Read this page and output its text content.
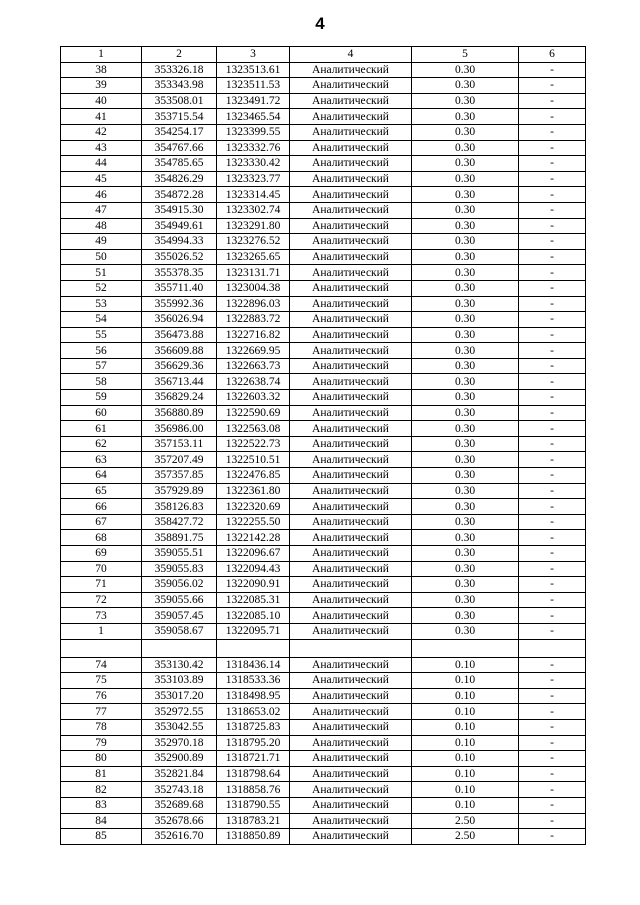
4
1	2	3	4	5	6
38	353326.18	1323513.61	Аналитический	0.30	-
39	353343.98	1323511.53	Аналитический	0.30	-
40	353508.01	1323491.72	Аналитический	0.30	-
41	353715.54	1323465.54	Аналитический	0.30	-
42	354254.17	1323399.55	Аналитический	0.30	-
43	354767.66	1323332.76	Аналитический	0.30	-
44	354785.65	1323330.42	Аналитический	0.30	-
45	354826.29	1323323.77	Аналитический	0.30	-
46	354872.28	1323314.45	Аналитический	0.30	-
47	354915.30	1323302.74	Аналитический	0.30	-
48	354949.61	1323291.80	Аналитический	0.30	-
49	354994.33	1323276.52	Аналитический	0.30	-
50	355026.52	1323265.65	Аналитический	0.30	-
51	355378.35	1323131.71	Аналитический	0.30	-
52	355711.40	1323004.38	Аналитический	0.30	-
53	355992.36	1322896.03	Аналитический	0.30	-
54	356026.94	1322883.72	Аналитический	0.30	-
55	356473.88	1322716.82	Аналитический	0.30	-
56	356609.88	1322669.95	Аналитический	0.30	-
57	356629.36	1322663.73	Аналитический	0.30	-
58	356713.44	1322638.74	Аналитический	0.30	-
59	356829.24	1322603.32	Аналитический	0.30	-
60	356880.89	1322590.69	Аналитический	0.30	-
61	356986.00	1322563.08	Аналитический	0.30	-
62	357153.11	1322522.73	Аналитический	0.30	-
63	357207.49	1322510.51	Аналитический	0.30	-
64	357357.85	1322476.85	Аналитический	0.30	-
65	357929.89	1322361.80	Аналитический	0.30	-
66	358126.83	1322320.69	Аналитический	0.30	-
67	358427.72	1322255.50	Аналитический	0.30	-
68	358891.75	1322142.28	Аналитический	0.30	-
69	359055.51	1322096.67	Аналитический	0.30	-
70	359055.83	1322094.43	Аналитический	0.30	-
71	359056.02	1322090.91	Аналитический	0.30	-
72	359055.66	1322085.31	Аналитический	0.30	-
73	359057.45	1322085.10	Аналитический	0.30	-
1	359058.67	1322095.71	Аналитический	0.30	-

74	353130.42	1318436.14	Аналитический	0.10	-
75	353103.89	1318533.36	Аналитический	0.10	-
76	353017.20	1318498.95	Аналитический	0.10	-
77	352972.55	1318653.02	Аналитический	0.10	-
78	353042.55	1318725.83	Аналитический	0.10	-
79	352970.18	1318795.20	Аналитический	0.10	-
80	352900.89	1318721.71	Аналитический	0.10	-
81	352821.84	1318798.64	Аналитический	0.10	-
82	352743.18	1318858.76	Аналитический	0.10	-
83	352689.68	1318790.55	Аналитический	0.10	-
84	352678.66	1318783.21	Аналитический	2.50	-
85	352616.70	1318850.89	Аналитический	2.50	-
